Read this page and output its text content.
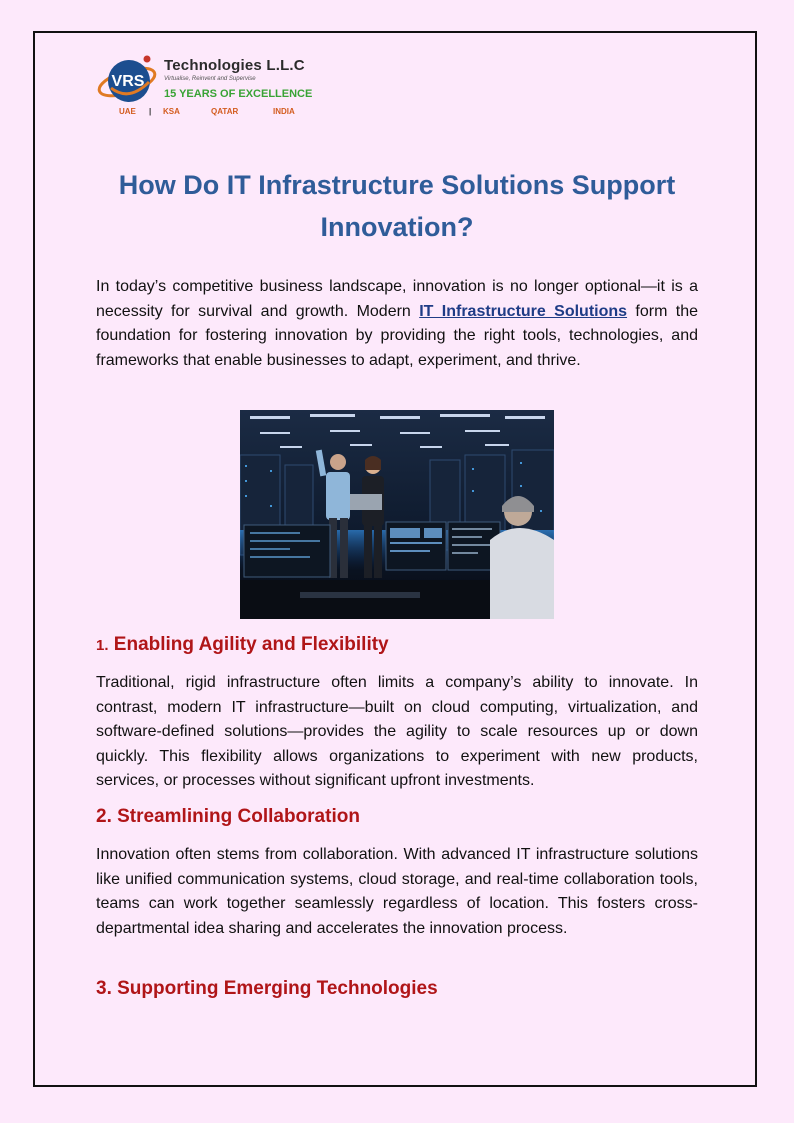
VRS
Technologies L.L.C
Virtualise, Reinvent and Supervise
15 YEARS OF EXCELLENCE
UAE | KSA	QATAR	INDIA
How Do IT Infrastructure Solutions Support Innovation?

In today’s competitive business landscape, innovation is no longer optional—it is a necessity for survival and growth. Modern IT Infrastructure Solutions form the foundation for fostering innovation by providing the right tools, technologies, and frameworks that enable businesses to adapt, experiment, and thrive.

1. Enabling Agility and Flexibility

Traditional, rigid infrastructure often limits a company’s ability to innovate. In contrast, modern IT infrastructure—built on cloud computing, virtualization, and software-defined solutions—provides the agility to scale resources up or down quickly. This flexibility allows organizations to experiment with new products, services, or processes without significant upfront investments.

2. Streamlining Collaboration

Innovation often stems from collaboration. With advanced IT infrastructure solutions like unified communication systems, cloud storage, and real-time collaboration tools, teams can work together seamlessly regardless of location. This fosters cross-departmental idea sharing and accelerates the innovation process.

3. Supporting Emerging Technologies
